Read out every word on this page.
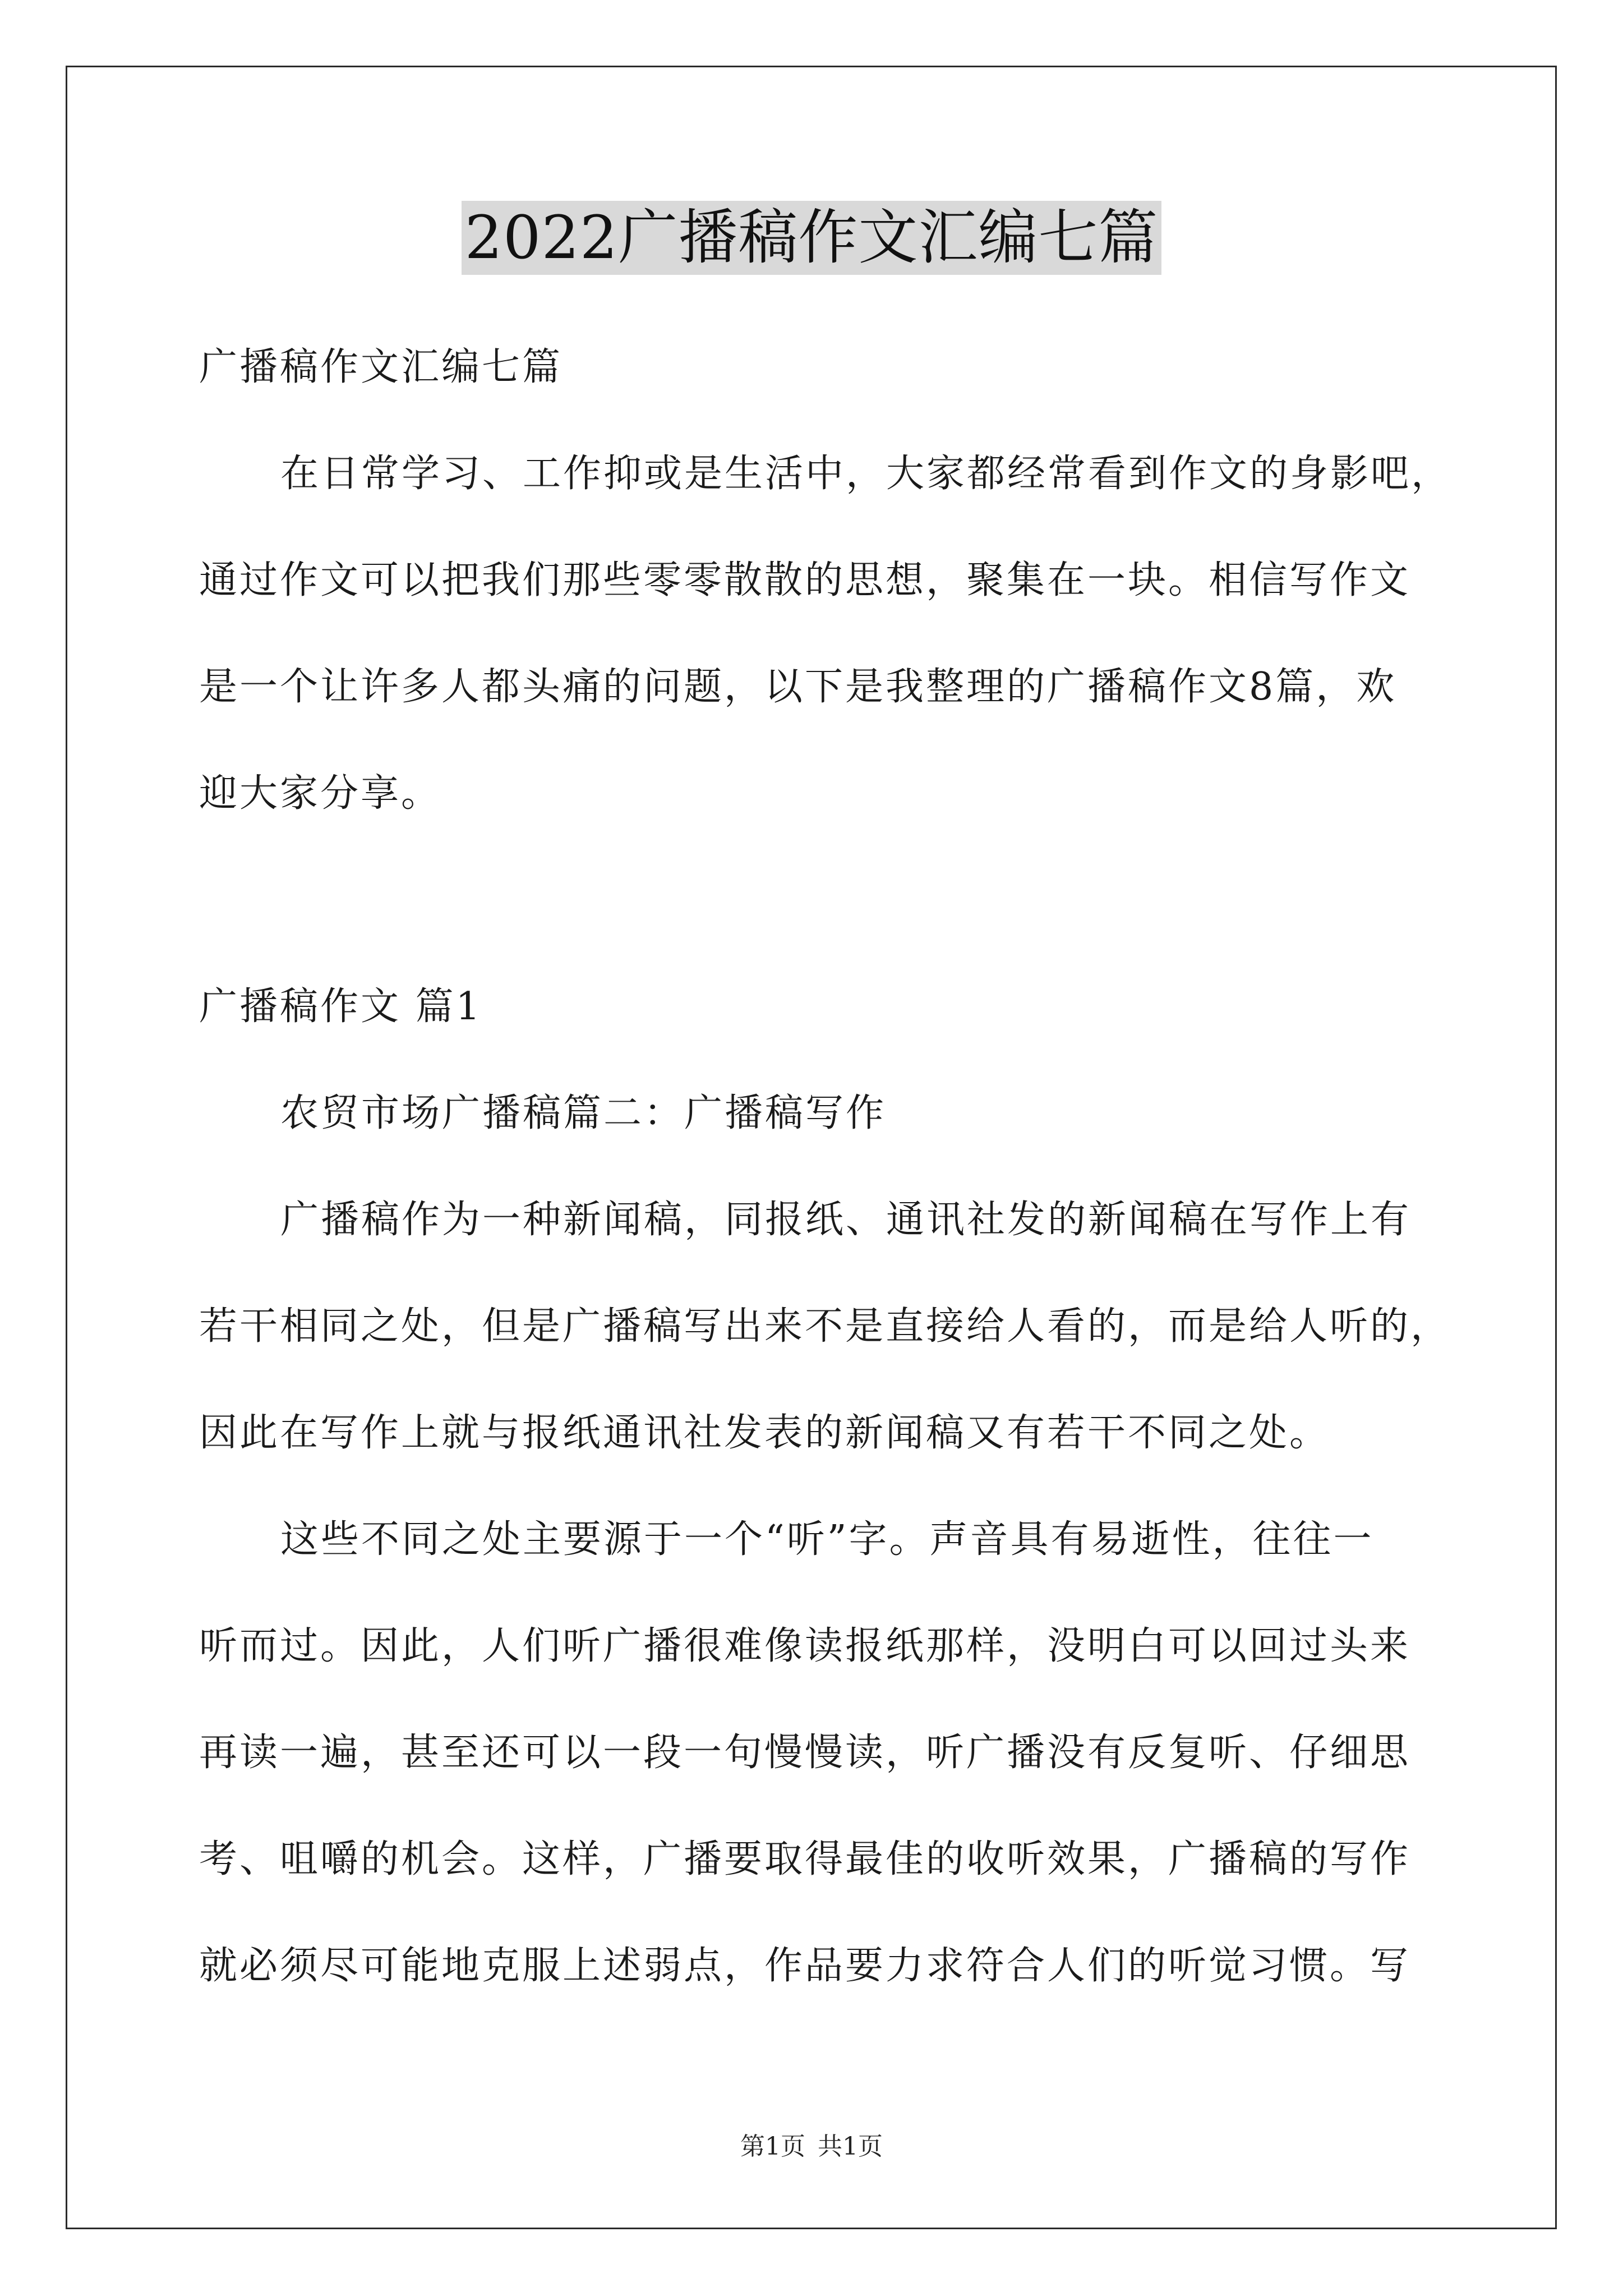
2022广播稿作文汇编七篇
广播稿作文汇编七篇
在日常学习、工作抑或是生活中，大家都经常看到作文的身影吧，
通过作文可以把我们那些零零散散的思想，聚集在一块。相信写作文
是一个让许多人都头痛的问题，以下是我整理的广播稿作文8篇，欢
迎大家分享。
广播稿作文 篇1
农贸市场广播稿篇二：广播稿写作
广播稿作为一种新闻稿，同报纸、通讯社发的新闻稿在写作上有
若干相同之处，但是广播稿写出来不是直接给人看的，而是给人听的，
因此在写作上就与报纸通讯社发表的新闻稿又有若干不同之处。
这些不同之处主要源于一个“听”字。声音具有易逝性，往往一
听而过。因此，人们听广播很难像读报纸那样，没明白可以回过头来
再读一遍，甚至还可以一段一句慢慢读，听广播没有反复听、仔细思
考、咀嚼的机会。这样，广播要取得最佳的收听效果，广播稿的写作
就必须尽可能地克服上述弱点，作品要力求符合人们的听觉习惯。写
第1页 共1页
